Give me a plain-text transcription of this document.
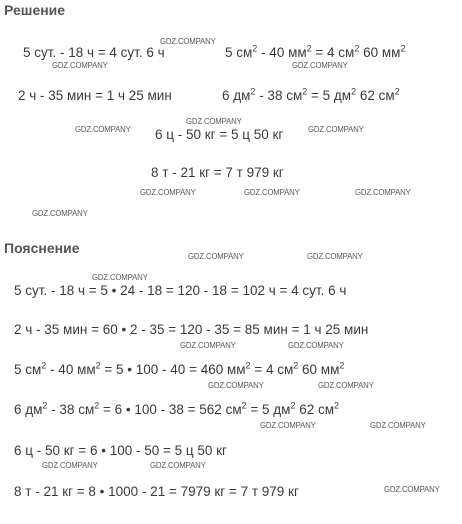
Решение
5 сут. - 18 ч = 4 сут. 6 ч	5 $см^2 - 40$ $мм^2 = 4$ $см^2$ 60 $мм^2$
2 ч - 35 мин = 1 ч 25 мин	6 $дм^2 - 38$ $см^2 = 5$ $дм^2$ 62 $см^2$
6 ц - 50 кг = 5 ц 50 кг
8 т - 21 кг = 7 т 979 кг
Пояснение
5 сут. - 18 ч = 5 • 24 - 18 = 120 - 18 = 102 ч = 4 сут. 6 ч
2 ч - 35 мин = 60 • 2 - 35 = 120 - 35 = 85 мин = 1 ч 25 мин
5 $см^2 - 40$ $мм^2 = 5$ • 100 - 40 = 460 $мм^2 = 4$ $см^2$ 60 $мм^2$
6 $дм^2 - 38$ $см^2 = 6$ • 100 - 38 = 562 $см^2 = 5$ $дм^2$ 62 $см^2$
6 ц - 50 кг = 6 • 100 - 50 = 5 ц 50 кг
8 т - 21 кг = 8 • 1000 - 21 = 7979 кг = 7 т 979 кг
GDZ.COMPANY
GDZ.COMPANY	GDZ.COMPANY
GDZ.COMPANY
GDZ.COMPANY	GDZ.COMPANY
GDZ.COMPANY	GDZ.COMPANY	GDZ.COMPANY
GDZ.COMPANY
GDZ.COMPANY	GDZ.COMPANY
GDZ.COMPANY
GDZ.COMPANY	GDZ.COMPANY
GDZ.COMPANY	GDZ.COMPANY
GDZ.COMPANY	GDZ.COMPANY
GDZ.COMPANY	GDZ.COMPANY
GDZ.COMPANY
